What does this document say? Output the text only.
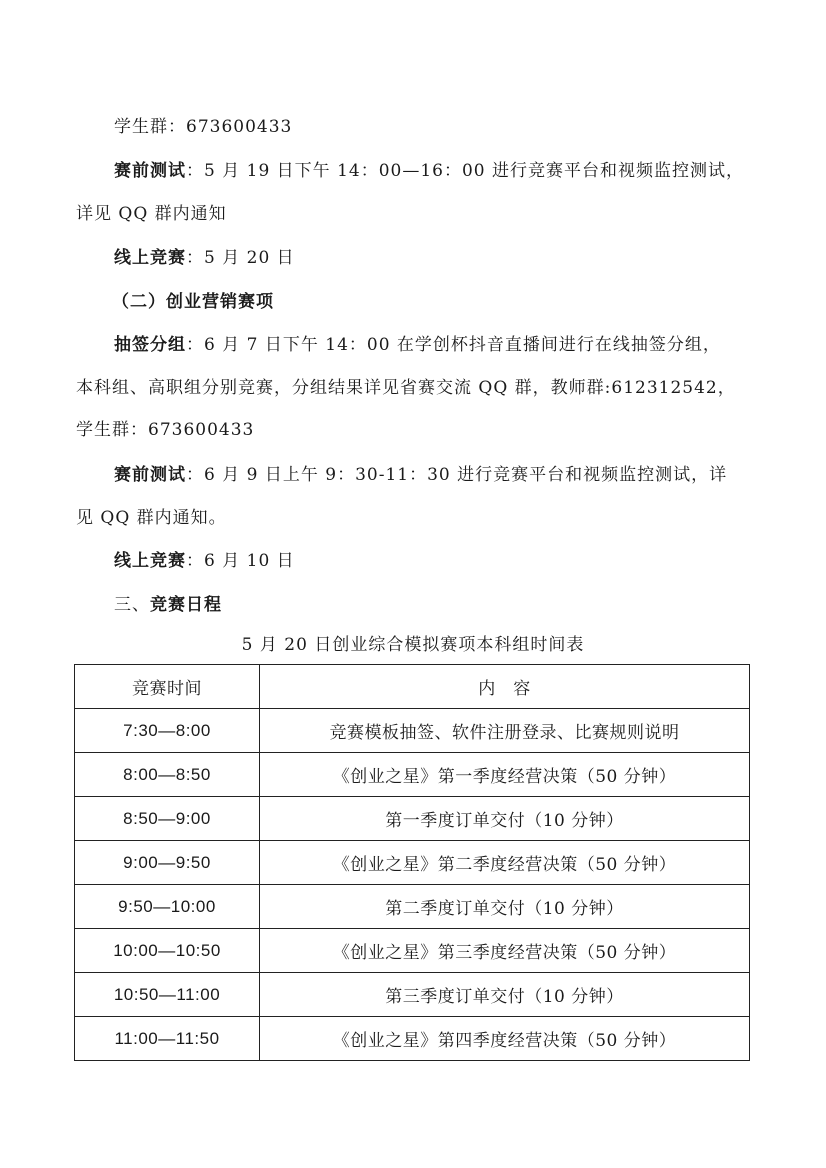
学生群：673600433
赛前测试：5 月 19 日下午 14：00—16：00 进行竞赛平台和视频监控测试，
详见 QQ 群内通知
线上竞赛：5 月 20 日
（二）创业营销赛项
抽签分组：6 月 7 日下午 14：00 在学创杯抖音直播间进行在线抽签分组，
本科组、高职组分别竞赛，分组结果详见省赛交流 QQ 群，教师群:612312542，
学生群：673600433
赛前测试：6 月 9 日上午 9：30-11：30 进行竞赛平台和视频监控测试，详
见 QQ 群内通知。
线上竞赛：6 月 10 日
三、竞赛日程
5 月 20 日创业综合模拟赛项本科组时间表
竞赛时间	内　容
7:30—8:00	竞赛模板抽签、软件注册登录、比赛规则说明
8:00—8:50	《创业之星》第一季度经营决策（50 分钟）
8:50—9:00	第一季度订单交付（10 分钟）
9:00—9:50	《创业之星》第二季度经营决策（50 分钟）
9:50—10:00	第二季度订单交付（10 分钟）
10:00—10:50	《创业之星》第三季度经营决策（50 分钟）
10:50—11:00	第三季度订单交付（10 分钟）
11:00—11:50	《创业之星》第四季度经营决策（50 分钟）
